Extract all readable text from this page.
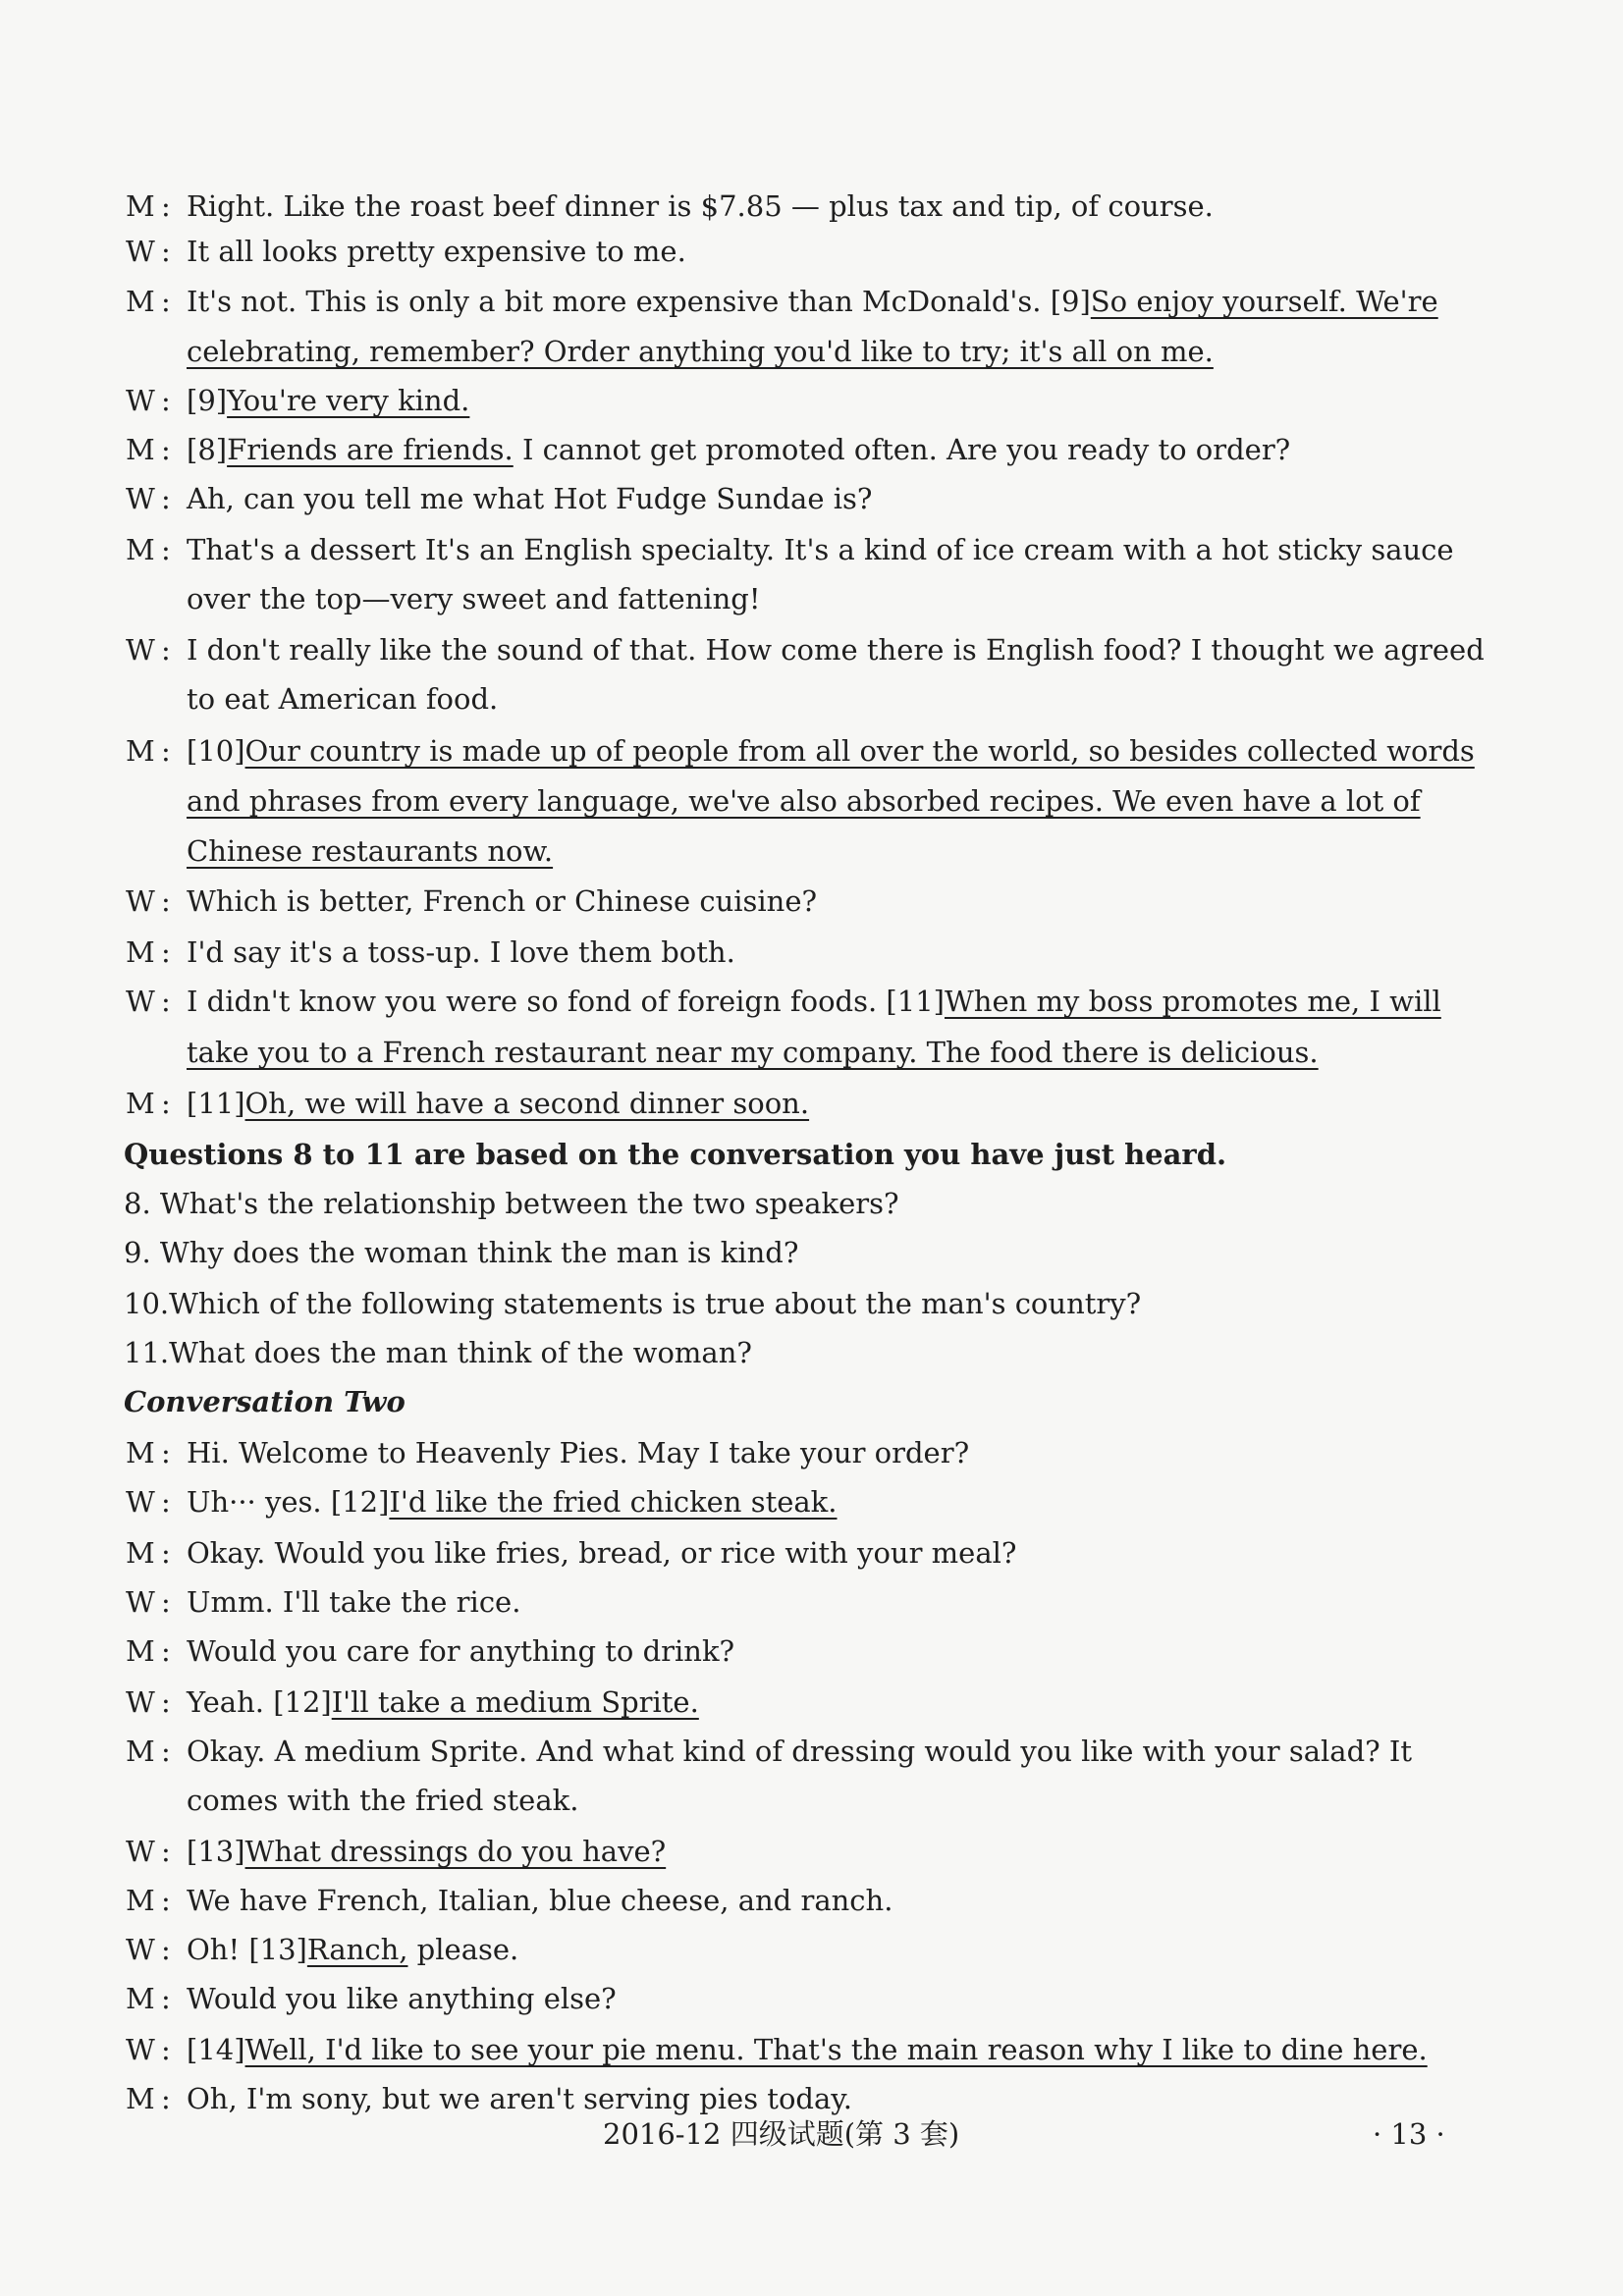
M : Right. Like the roast beef dinner is $7.85 — plus tax and tip, of course.
W : It all looks pretty expensive to me.
M : It's not. This is only a bit more expensive than McDonald's. [9]So enjoy yourself. We're
celebrating, remember? Order anything you'd like to try; it's all on me.
W : [9]You're very kind.
M : [8]Friends are friends. I cannot get promoted often. Are you ready to order?
W : Ah, can you tell me what Hot Fudge Sundae is?
M : That's a dessert It's an English specialty. It's a kind of ice cream with a hot sticky sauce
over the top—very sweet and fattening!
W : I don't really like the sound of that. How come there is English food? I thought we agreed
to eat American food.
M : [10]Our country is made up of people from all over the world, so besides collected words
and phrases from every language, we've also absorbed recipes. We even have a lot of
Chinese restaurants now.
W : Which is better, French or Chinese cuisine?
M : I'd say it's a toss-up. I love them both.
W : I didn't know you were so fond of foreign foods. [11]When my boss promotes me, I will
take you to a French restaurant near my company. The food there is delicious.
M : [11]Oh, we will have a second dinner soon.
Questions 8 to 11 are based on the conversation you have just heard.
8. What's the relationship between the two speakers?
9. Why does the woman think the man is kind?
10.Which of the following statements is true about the man's country?
11.What does the man think of the woman?
Conversation Two
M : Hi. Welcome to Heavenly Pies. May I take your order?
W : Uh··· yes. [12]I'd like the fried chicken steak.
M : Okay. Would you like fries, bread, or rice with your meal?
W : Umm. I'll take the rice.
M : Would you care for anything to drink?
W : Yeah. [12]I'll take a medium Sprite.
M : Okay. A medium Sprite. And what kind of dressing would you like with your salad? It
comes with the fried steak.
W : [13]What dressings do you have?
M : We have French, Italian, blue cheese, and ranch.
W : Oh! [13]Ranch, please.
M : Would you like anything else?
W : [14]Well, I'd like to see your pie menu. That's the main reason why I like to dine here.
M : Oh, I'm sony, but we aren't serving pies today.
2016-12 四级试题(第 3 套)	· 13 ·
